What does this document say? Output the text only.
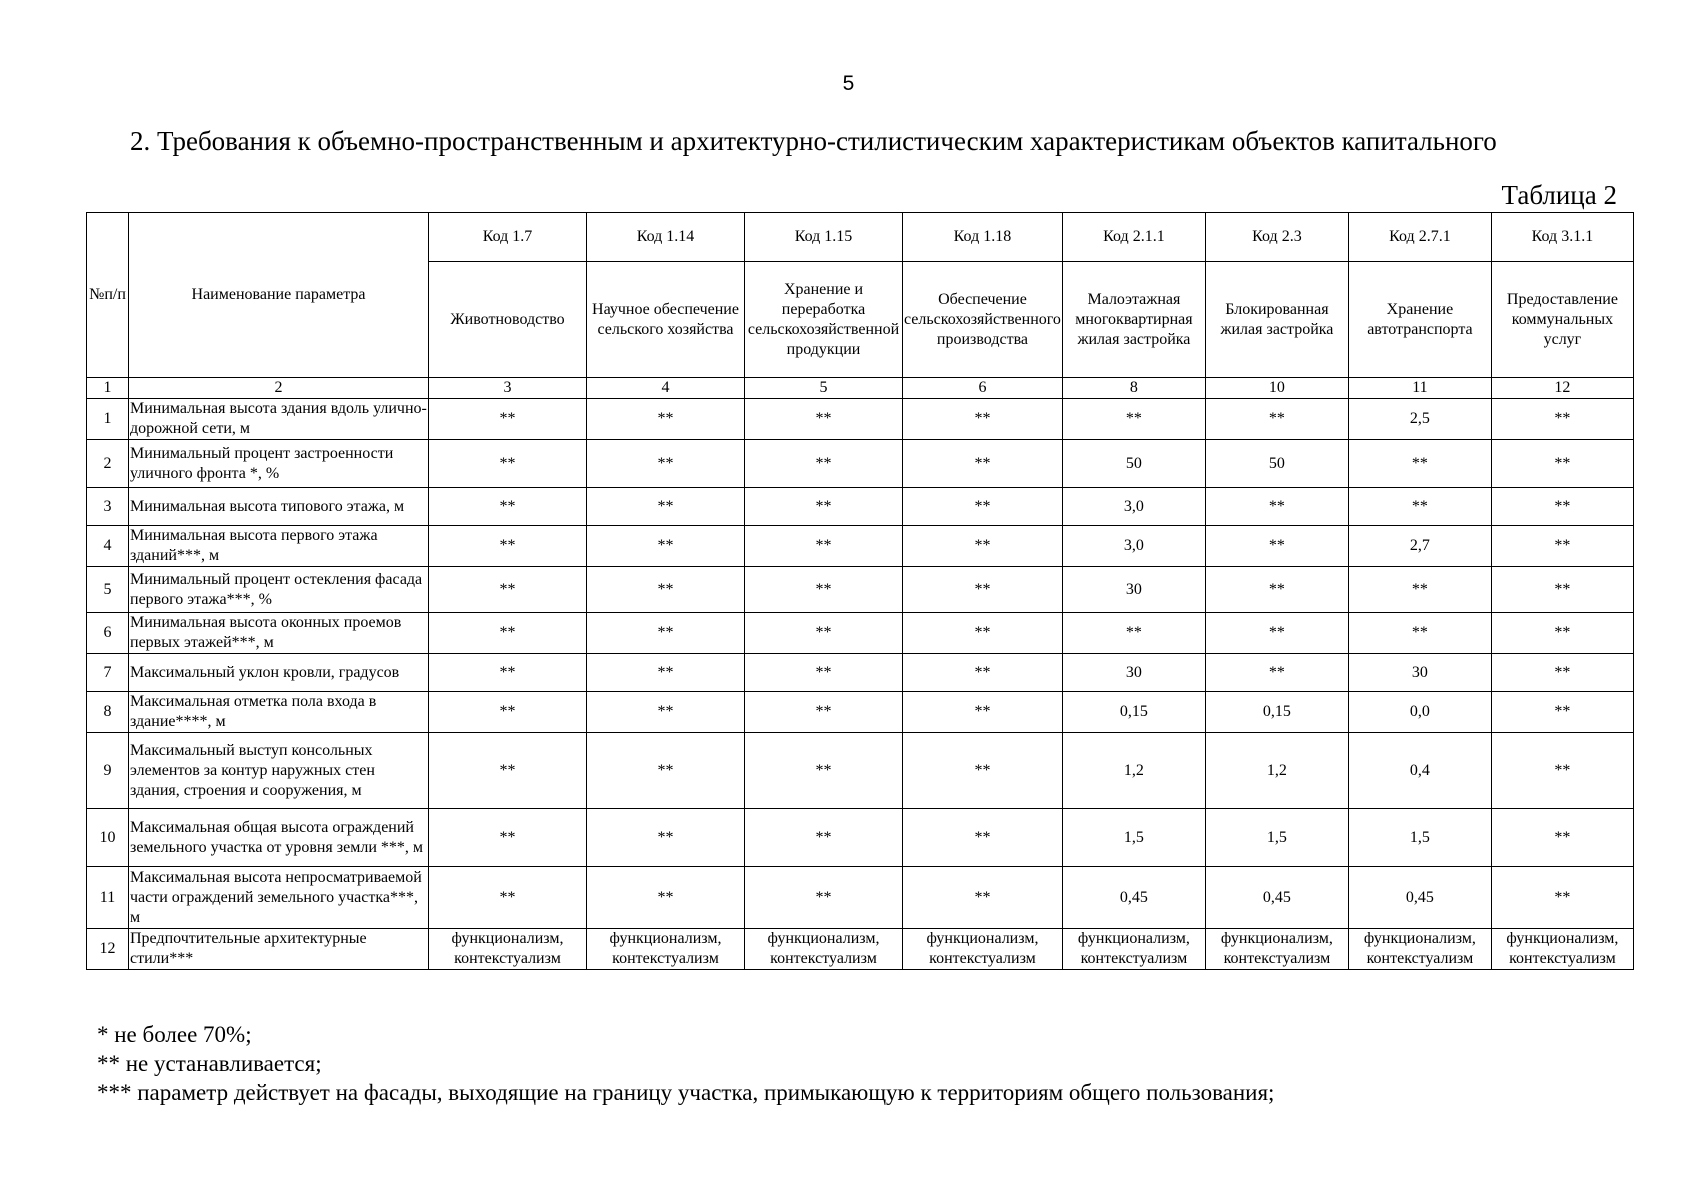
5
2. Требования к объемно-пространственным и архитектурно-стилистическим характеристикам объектов капитального
Таблица 2
№п/п	Наименование параметра	Код 1.7	Код 1.14	Код 1.15	Код 1.18	Код 2.1.1	Код 2.3	Код 2.7.1	Код 3.1.1
		Животноводство	Научное обеспечение сельского хозяйства	Хранение и переработка сельскохозяйственной продукции	Обеспечение сельскохозяйственного производства	Малоэтажная многоквартирная жилая застройка	Блокированная жилая застройка	Хранение автотранспорта	Предоставление коммунальных услуг
1	2	3	4	5	6	8	10	11	12
1	Минимальная высота здания вдоль улично-дорожной сети, м	**	**	**	**	**	**	2,5	**
2	Минимальный процент застроенности уличного фронта *, %	**	**	**	**	50	50	**	**
3	Минимальная высота типового этажа, м	**	**	**	**	3,0	**	**	**
4	Минимальная высота первого этажа зданий***, м	**	**	**	**	3,0	**	2,7	**
5	Минимальный процент остекления фасада первого этажа***, %	**	**	**	**	30	**	**	**
6	Минимальная высота оконных проемов первых этажей***, м	**	**	**	**	**	**	**	**
7	Максимальный уклон кровли, градусов	**	**	**	**	30	**	30	**
8	Максимальная отметка пола входа в здание****, м	**	**	**	**	0,15	0,15	0,0	**
9	Максимальный выступ консольных элементов за контур наружных стен здания, строения и сооружения, м	**	**	**	**	1,2	1,2	0,4	**
10	Максимальная общая высота ограждений земельного участка от уровня земли ***, м	**	**	**	**	1,5	1,5	1,5	**
11	Максимальная высота непросматриваемой части ограждений земельного участка***, м	**	**	**	**	0,45	0,45	0,45	**
12	Предпочтительные архитектурные стили***	функционализм, контекстуализм	функционализм, контекстуализм	функционализм, контекстуализм	функционализм, контекстуализм	функционализм, контекстуализм	функционализм, контекстуализм	функционализм, контекстуализм	функционализм, контекстуализм
* не более 70%;
** не устанавливается;
*** параметр действует на фасады, выходящие на границу участка, примыкающую к территориям общего пользования;
